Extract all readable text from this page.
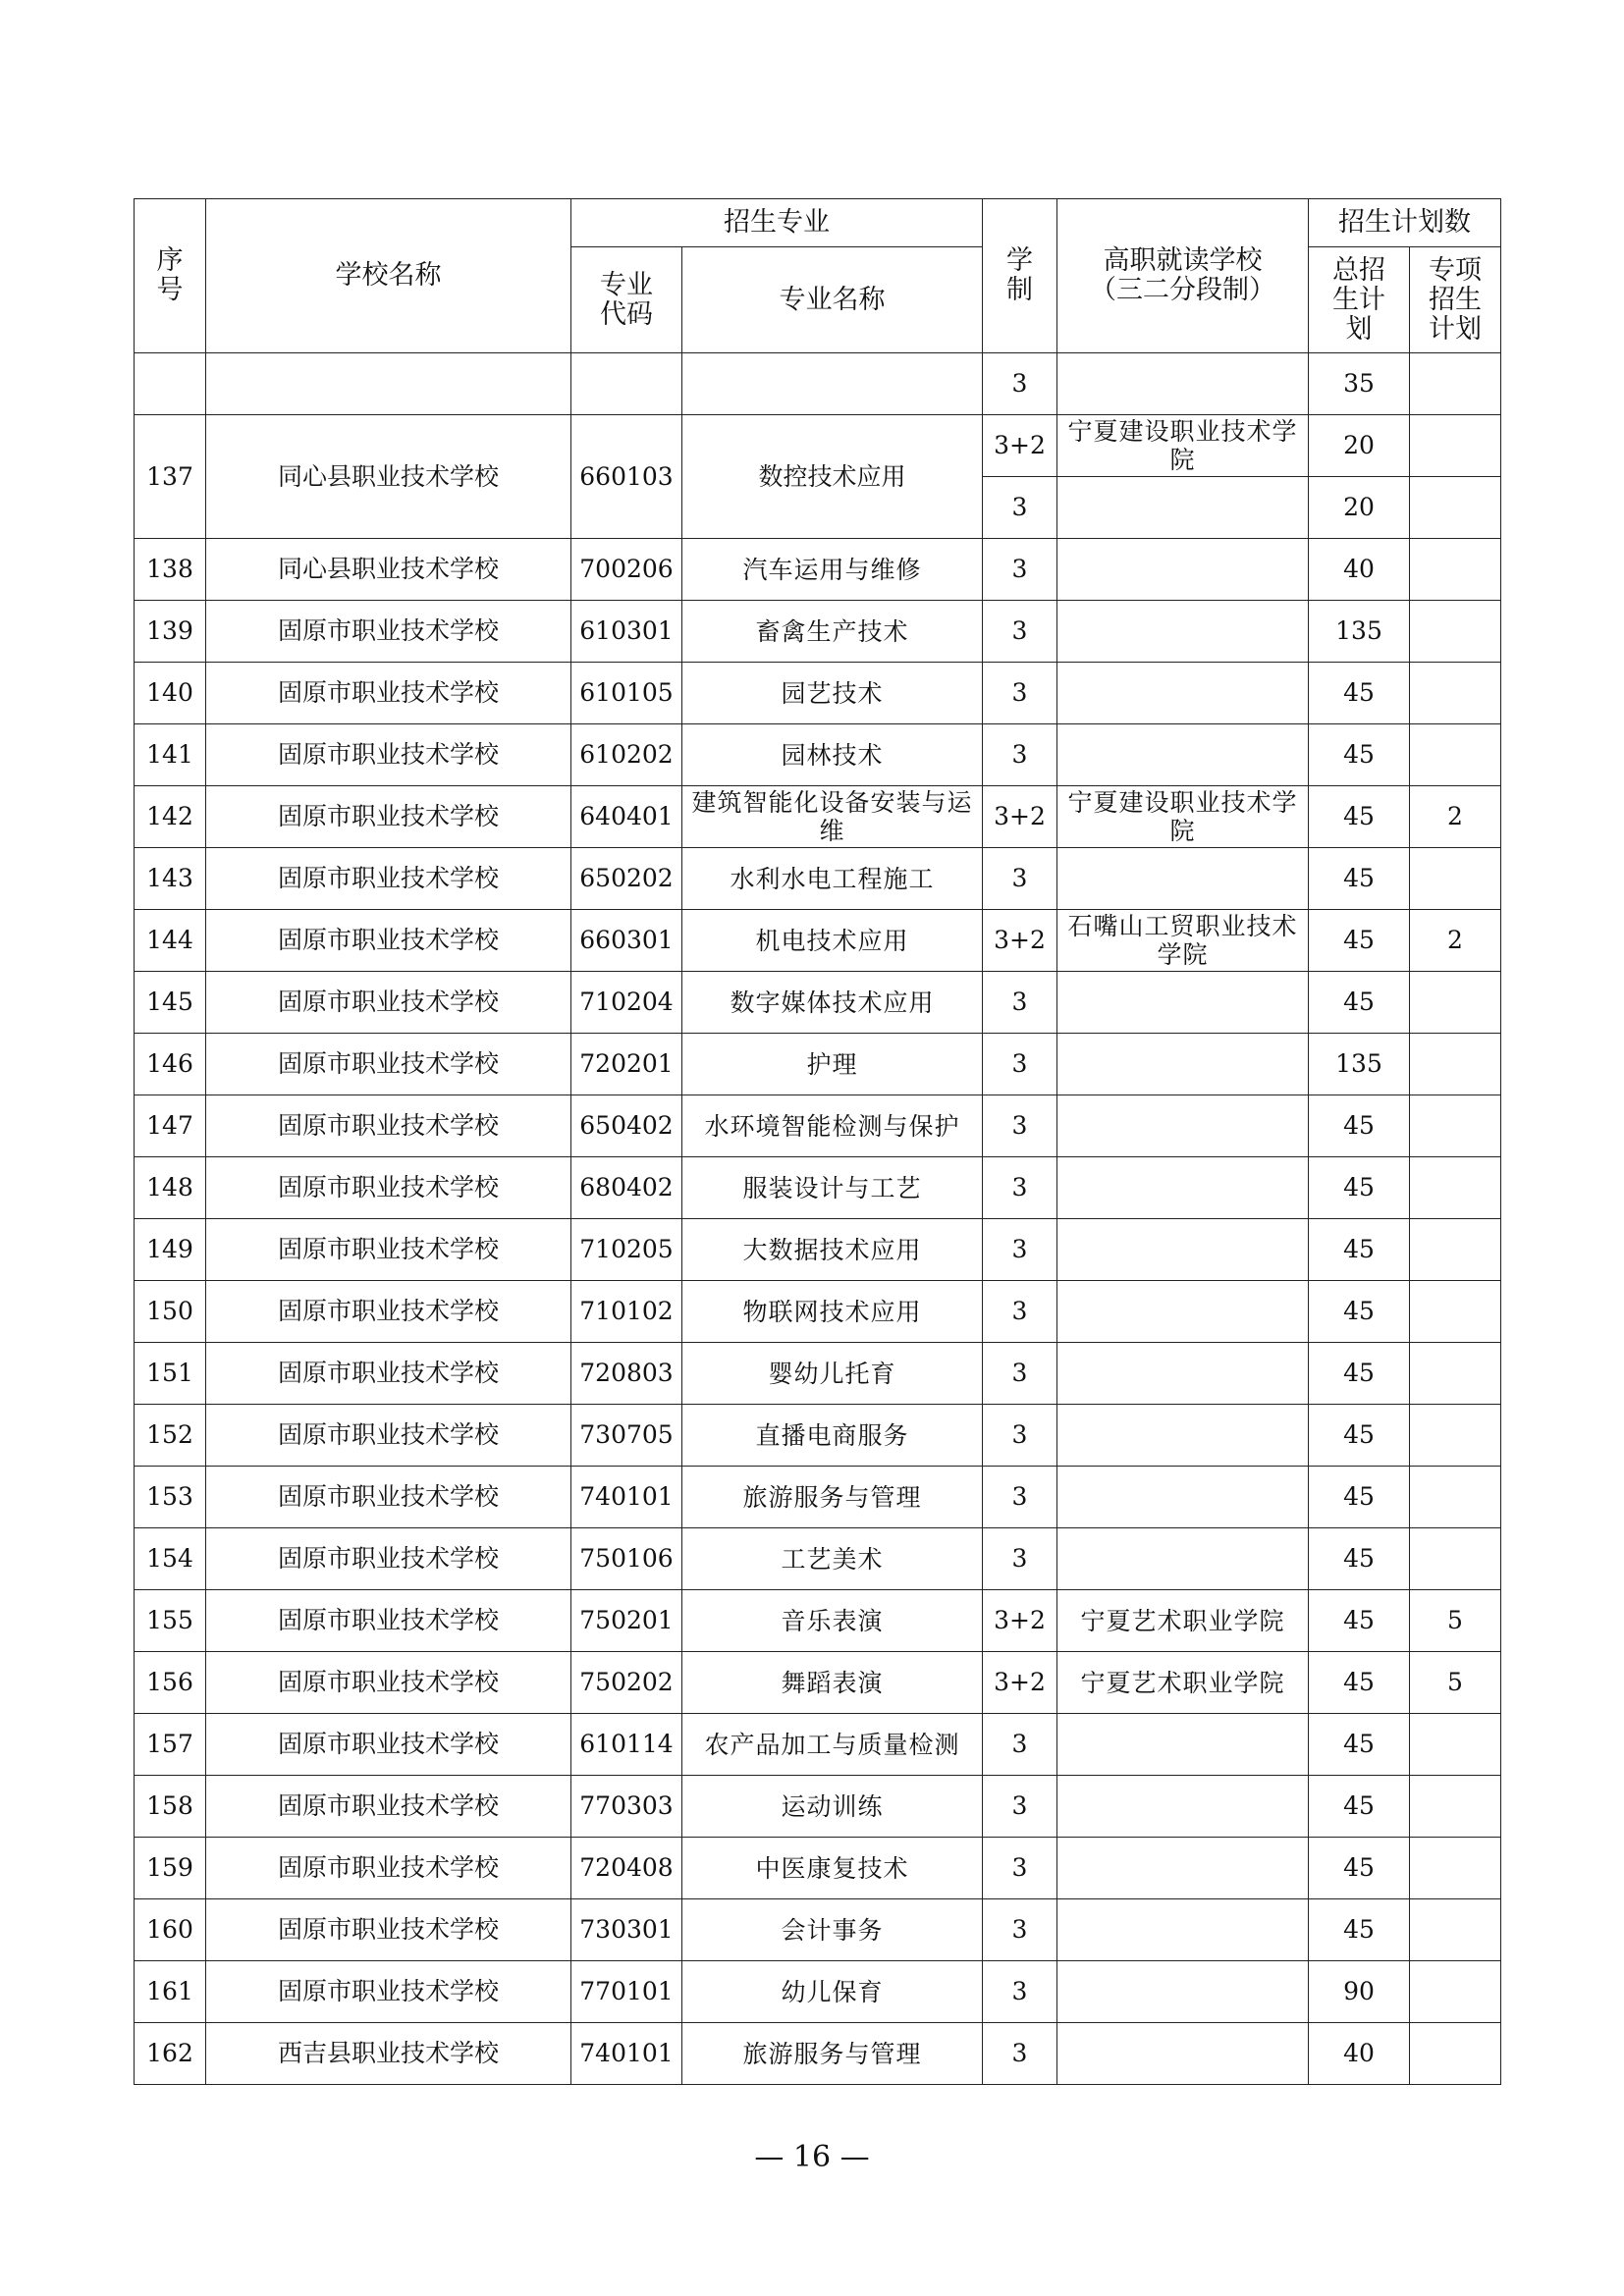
序号	学校名称	招生专业		学制	高职就读学校（三二分段制）	招生计划数	

		专业代码	专业名称			总招生计划	专项招生计划

				3		35	
137	同心县职业技术学校	660103	数控技术应用	3+2	宁夏建设职业技术学院	20	
				3		20	
138	同心县职业技术学校	700206	汽车运用与维修	3		40	
139	固原市职业技术学校	610301	畜禽生产技术	3		135	
140	固原市职业技术学校	610105	园艺技术	3		45	
141	固原市职业技术学校	610202	园林技术	3		45	
142	固原市职业技术学校	640401	建筑智能化设备安装与运维	3+2	宁夏建设职业技术学院	45	2
143	固原市职业技术学校	650202	水利水电工程施工	3		45	
144	固原市职业技术学校	660301	机电技术应用	3+2	石嘴山工贸职业技术学院	45	2
145	固原市职业技术学校	710204	数字媒体技术应用	3		45	
146	固原市职业技术学校	720201	护理	3		135	
147	固原市职业技术学校	650402	水环境智能检测与保护	3		45	
148	固原市职业技术学校	680402	服装设计与工艺	3		45	
149	固原市职业技术学校	710205	大数据技术应用	3		45	
150	固原市职业技术学校	710102	物联网技术应用	3		45	
151	固原市职业技术学校	720803	婴幼儿托育	3		45	
152	固原市职业技术学校	730705	直播电商服务	3		45	
153	固原市职业技术学校	740101	旅游服务与管理	3		45	
154	固原市职业技术学校	750106	工艺美术	3		45	
155	固原市职业技术学校	750201	音乐表演	3+2	宁夏艺术职业学院	45	5
156	固原市职业技术学校	750202	舞蹈表演	3+2	宁夏艺术职业学院	45	5
157	固原市职业技术学校	610114	农产品加工与质量检测	3		45	
158	固原市职业技术学校	770303	运动训练	3		45	
159	固原市职业技术学校	720408	中医康复技术	3		45	
160	固原市职业技术学校	730301	会计事务	3		45	
161	固原市职业技术学校	770101	幼儿保育	3		90	
162	西吉县职业技术学校	740101	旅游服务与管理	3		40	
— 16 —
